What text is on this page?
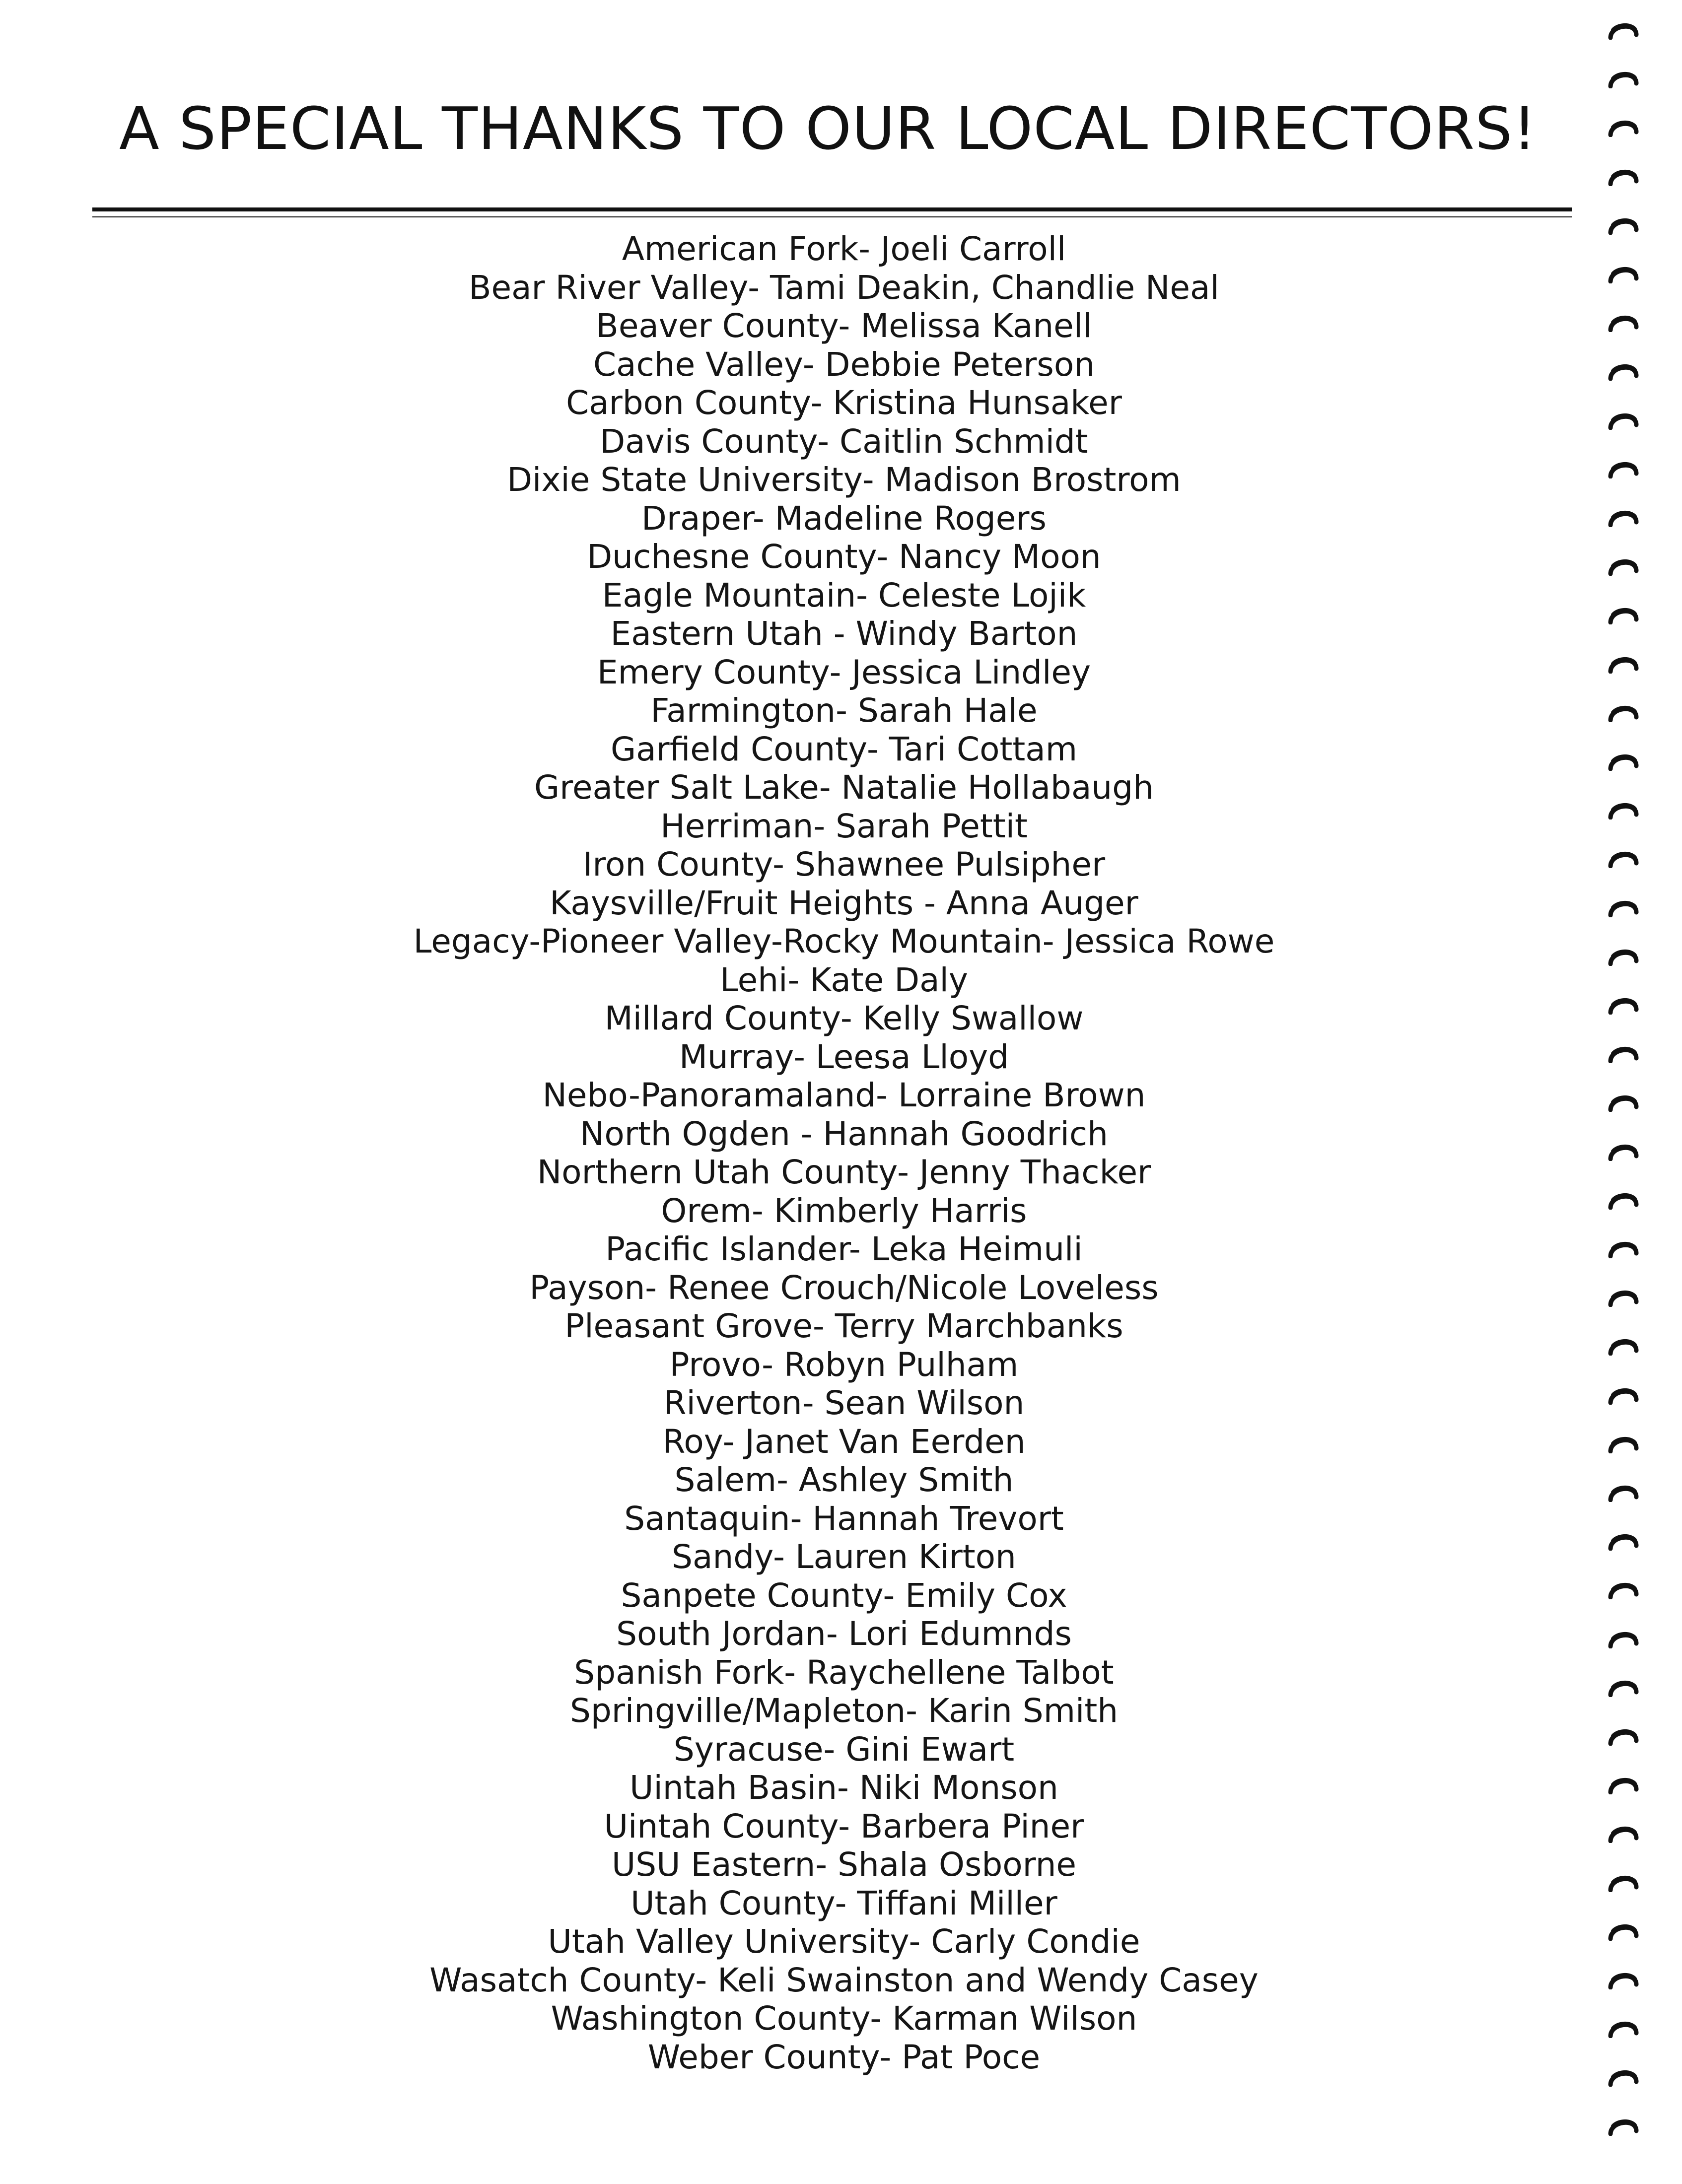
A SPECIAL THANKS TO OUR LOCAL DIRECTORS!
American Fork- Joeli Carroll
Bear River Valley- Tami Deakin, Chandlie Neal
Beaver County- Melissa Kanell
Cache Valley- Debbie Peterson
Carbon County- Kristina Hunsaker
Davis County- Caitlin Schmidt
Dixie State University- Madison Brostrom
Draper- Madeline Rogers
Duchesne County- Nancy Moon
Eagle Mountain- Celeste Lojik
Eastern Utah - Windy Barton
Emery County- Jessica Lindley
Farmington- Sarah Hale
Garfield County- Tari Cottam
Greater Salt Lake- Natalie Hollabaugh
Herriman- Sarah Pettit
Iron County- Shawnee Pulsipher
Kaysville/Fruit Heights - Anna Auger
Legacy-Pioneer Valley-Rocky Mountain- Jessica Rowe
Lehi- Kate Daly
Millard County- Kelly Swallow
Murray- Leesa Lloyd
Nebo-Panoramaland- Lorraine Brown
North Ogden - Hannah Goodrich
Northern Utah County- Jenny Thacker
Orem- Kimberly Harris
Pacific Islander- Leka Heimuli
Payson- Renee Crouch/Nicole Loveless
Pleasant Grove- Terry Marchbanks
Provo- Robyn Pulham
Riverton- Sean Wilson
Roy- Janet Van Eerden
Salem- Ashley Smith
Santaquin- Hannah Trevort
Sandy- Lauren Kirton
Sanpete County- Emily Cox
South Jordan- Lori Edumnds
Spanish Fork- Raychellene Talbot
Springville/Mapleton- Karin Smith
Syracuse- Gini Ewart
Uintah Basin- Niki Monson
Uintah County- Barbera Piner
USU Eastern- Shala Osborne
Utah County- Tiffani Miller
Utah Valley University- Carly Condie
Wasatch County- Keli Swainston and Wendy Casey
Washington County- Karman Wilson
Weber County- Pat Poce
